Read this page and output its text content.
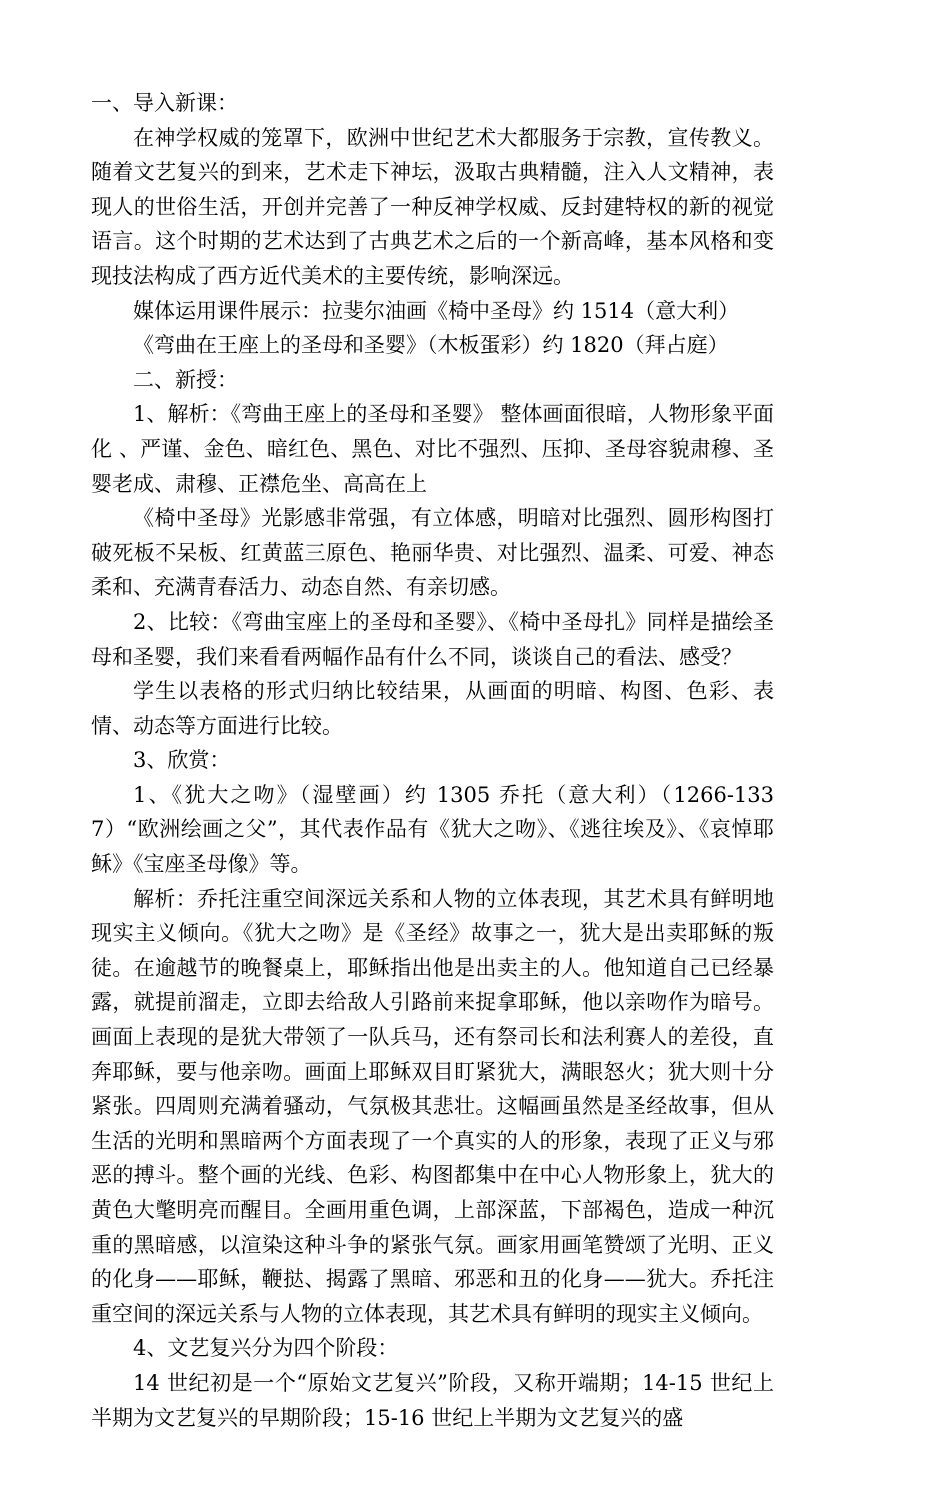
一、导入新课：

在神学权威的笼罩下，欧洲中世纪艺术大都服务于宗教，宣传教义。随着文艺复兴的到来，艺术走下神坛，汲取古典精髓，注入人文精神，表现人的世俗生活，开创并完善了一种反神学权威、反封建特权的新的视觉语言。这个时期的艺术达到了古典艺术之后的一个新高峰，基本风格和变现技法构成了西方近代美术的主要传统，影响深远。

媒体运用课件展示：拉斐尔油画《椅中圣母》约 1514（意大利）

《弯曲在王座上的圣母和圣婴》（木板蛋彩）约 1820（拜占庭）

二、新授：

1、解析：《弯曲王座上的圣母和圣婴》 整体画面很暗，人物形象平面化 、严谨、金色、暗红色、黑色、对比不强烈、压抑、圣母容貌肃穆、圣婴老成、肃穆、正襟危坐、高高在上

《椅中圣母》光影感非常强，有立体感，明暗对比强烈、圆形构图打破死板不呆板、红黄蓝三原色、艳丽华贵、对比强烈、温柔、可爱、神态柔和、充满青春活力、动态自然、有亲切感。

2、比较：《弯曲宝座上的圣母和圣婴》、《椅中圣母扎》同样是描绘圣母和圣婴，我们来看看两幅作品有什么不同，谈谈自己的看法、感受？

学生以表格的形式归纳比较结果，从画面的明暗、构图、色彩、表情、动态等方面进行比较。

3、欣赏：

1、《犹大之吻》（湿壁画）约 1305 乔托（意大利）（1266-1337）“欧洲绘画之父”，其代表作品有《犹大之吻》、《逃往埃及》、《哀悼耶稣》《宝座圣母像》等。

解析：乔托注重空间深远关系和人物的立体表现，其艺术具有鲜明地现实主义倾向。《犹大之吻》是《圣经》故事之一，犹大是出卖耶稣的叛徒。在逾越节的晚餐桌上，耶稣指出他是出卖主的人。他知道自己已经暴露，就提前溜走，立即去给敌人引路前来捉拿耶稣，他以亲吻作为暗号。画面上表现的是犹大带领了一队兵马，还有祭司长和法利赛人的差役，直奔耶稣，要与他亲吻。画面上耶稣双目盯紧犹大，满眼怒火；犹大则十分紧张。四周则充满着骚动，气氛极其悲壮。这幅画虽然是圣经故事，但从生活的光明和黑暗两个方面表现了一个真实的人的形象，表现了正义与邪恶的搏斗。整个画的光线、色彩、构图都集中在中心人物形象上，犹大的黄色大氅明亮而醒目。全画用重色调，上部深蓝，下部褐色，造成一种沉重的黑暗感，以渲染这种斗争的紧张气氛。画家用画笔赞颂了光明、正义的化身——耶稣，鞭挞、揭露了黑暗、邪恶和丑的化身——犹大。乔托注重空间的深远关系与人物的立体表现，其艺术具有鲜明的现实主义倾向。

4、文艺复兴分为四个阶段：

14 世纪初是一个“原始文艺复兴”阶段，又称开端期；14-15 世纪上半期为文艺复兴的早期阶段；15-16 世纪上半期为文艺复兴的盛
